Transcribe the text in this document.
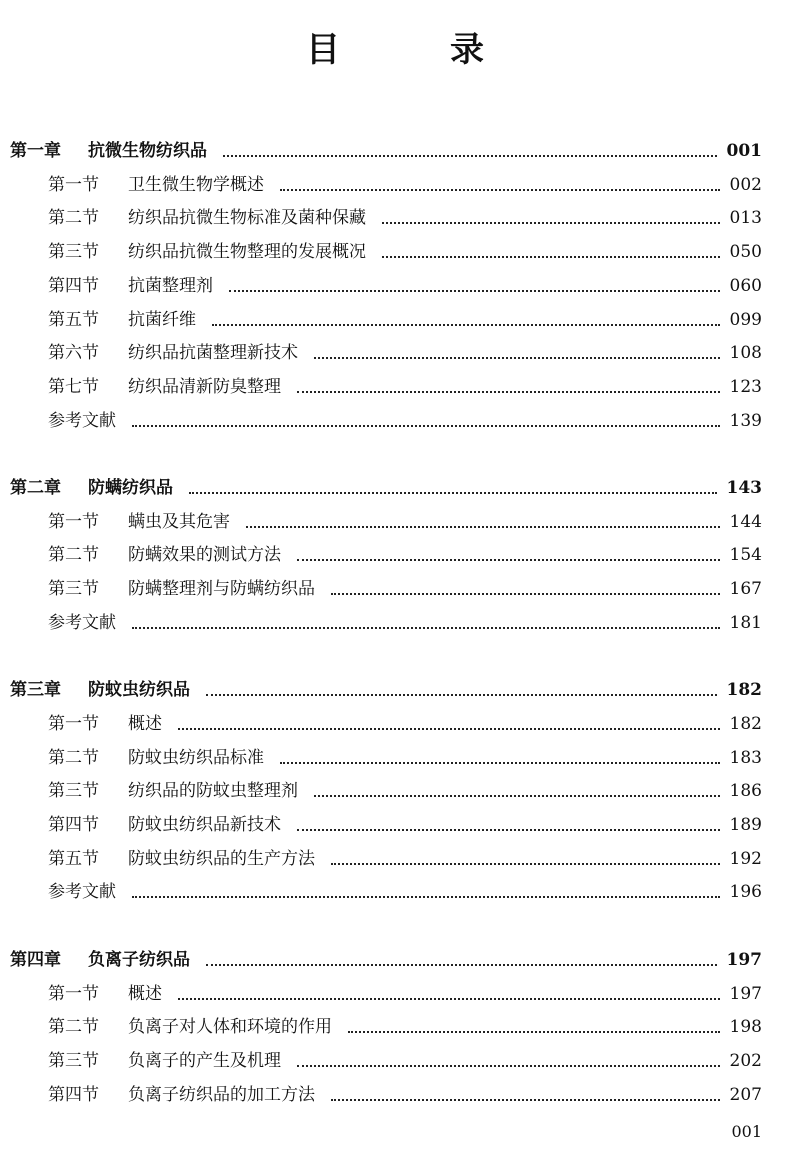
目　录
第一章 抗微生物纺织品	001
第一节 卫生微生物学概述	002
第二节 纺织品抗微生物标准及菌种保藏	013
第三节 纺织品抗微生物整理的发展概况	050
第四节 抗菌整理剂	060
第五节 抗菌纤维	099
第六节 纺织品抗菌整理新技术	108
第七节 纺织品清新防臭整理	123
参考文献	139
第二章 防螨纺织品	143
第一节 螨虫及其危害	144
第二节 防螨效果的测试方法	154
第三节 防螨整理剂与防螨纺织品	167
参考文献	181
第三章 防蚊虫纺织品	182
第一节 概述	182
第二节 防蚊虫纺织品标准	183
第三节 纺织品的防蚊虫整理剂	186
第四节 防蚊虫纺织品新技术	189
第五节 防蚊虫纺织品的生产方法	192
参考文献	196
第四章 负离子纺织品	197
第一节 概述	197
第二节 负离子对人体和环境的作用	198
第三节 负离子的产生及机理	202
第四节 负离子纺织品的加工方法	207
001
